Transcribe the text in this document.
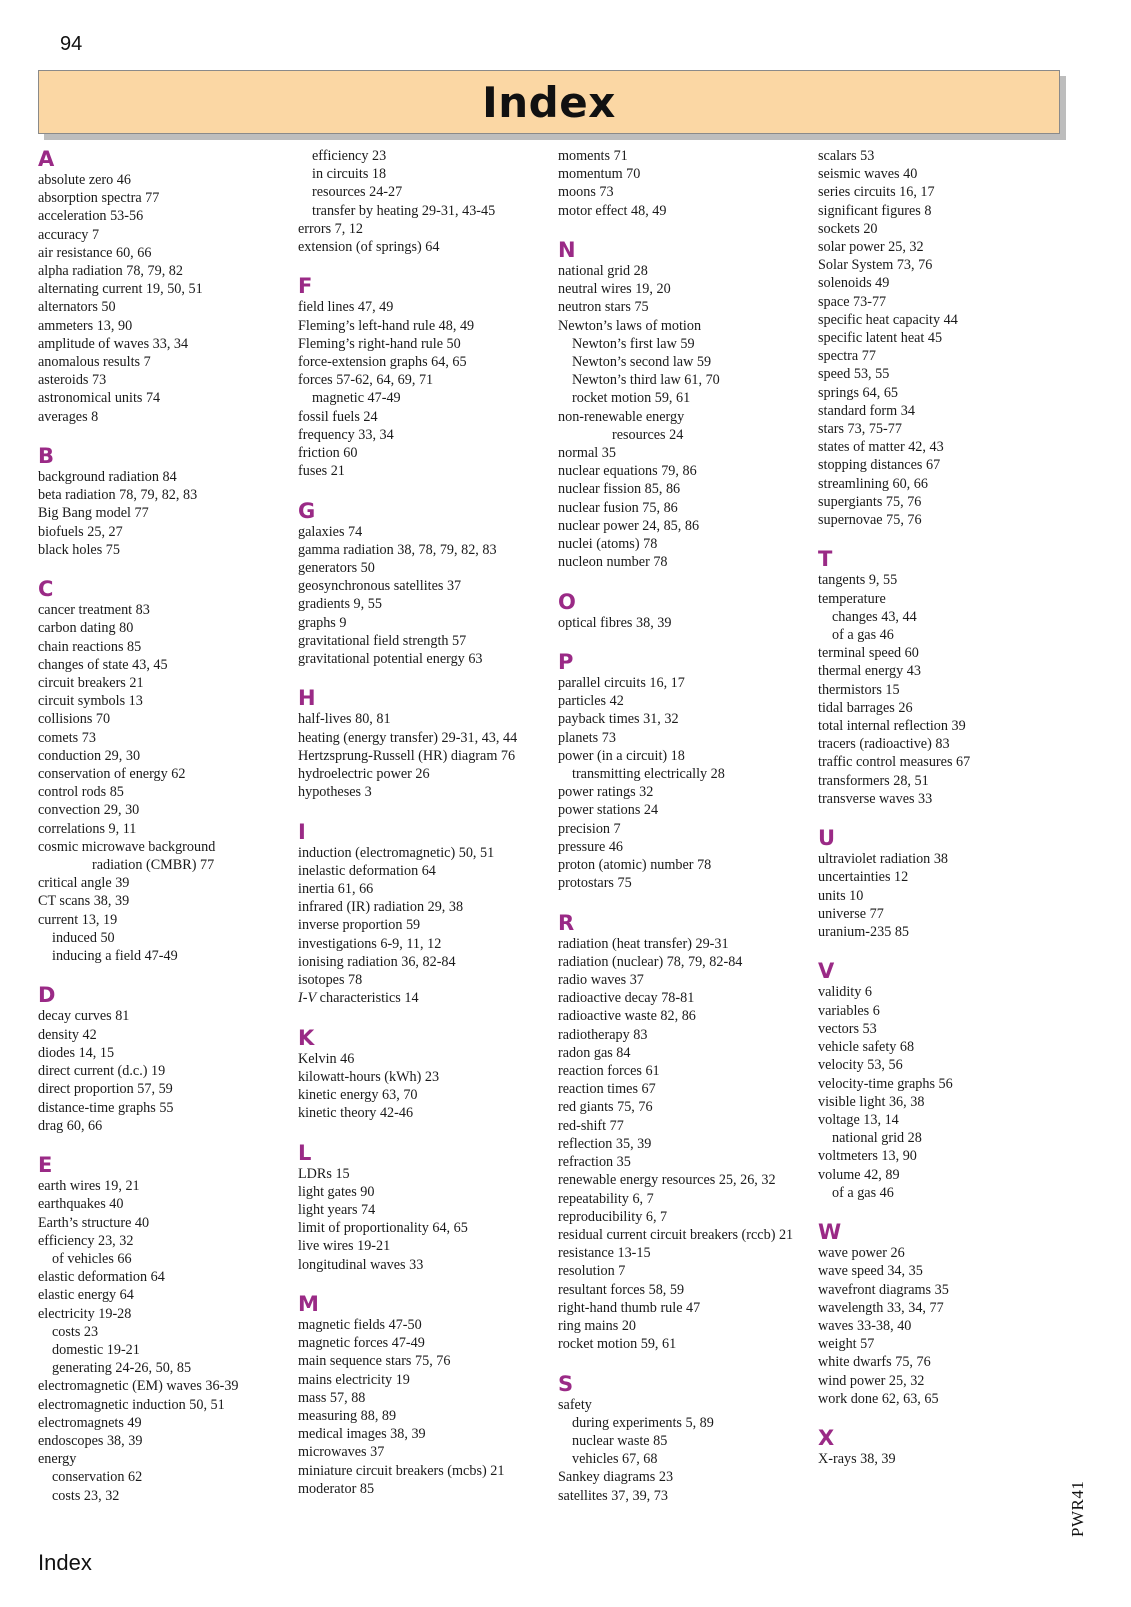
94
Index
A
absolute zero 46
absorption spectra 77
acceleration 53-56
accuracy 7
air resistance 60, 66
alpha radiation 78, 79, 82
alternating current 19, 50, 51
alternators 50
ammeters 13, 90
amplitude of waves 33, 34
anomalous results 7
asteroids 73
astronomical units 74
averages 8
B
background radiation 84
beta radiation 78, 79, 82, 83
Big Bang model 77
biofuels 25, 27
black holes 75
C
cancer treatment 83
carbon dating 80
chain reactions 85
changes of state 43, 45
circuit breakers 21
circuit symbols 13
collisions 70
comets 73
conduction 29, 30
conservation of energy 62
control rods 85
convection 29, 30
correlations 9, 11
cosmic microwave background
radiation (CMBR) 77
critical angle 39
CT scans 38, 39
current 13, 19
induced 50
inducing a field 47-49
D
decay curves 81
density 42
diodes 14, 15
direct current (d.c.) 19
direct proportion 57, 59
distance-time graphs 55
drag 60, 66
E
earth wires 19, 21
earthquakes 40
Earth’s structure 40
efficiency 23, 32
of vehicles 66
elastic deformation 64
elastic energy 64
electricity 19-28
costs 23
domestic 19-21
generating 24-26, 50, 85
electromagnetic (EM) waves 36-39
electromagnetic induction 50, 51
electromagnets 49
endoscopes 38, 39
energy
conservation 62
costs 23, 32
efficiency 23
in circuits 18
resources 24-27
transfer by heating 29-31, 43-45
errors 7, 12
extension (of springs) 64
F
field lines 47, 49
Fleming’s left-hand rule 48, 49
Fleming’s right-hand rule 50
force-extension graphs 64, 65
forces 57-62, 64, 69, 71
magnetic 47-49
fossil fuels 24
frequency 33, 34
friction 60
fuses 21
G
galaxies 74
gamma radiation 38, 78, 79, 82, 83
generators 50
geosynchronous satellites 37
gradients 9, 55
graphs 9
gravitational field strength 57
gravitational potential energy 63
H
half-lives 80, 81
heating (energy transfer) 29-31, 43, 44
Hertzsprung-Russell (HR) diagram 76
hydroelectric power 26
hypotheses 3
I
induction (electromagnetic) 50, 51
inelastic deformation 64
inertia 61, 66
infrared (IR) radiation 29, 38
inverse proportion 59
investigations 6-9, 11, 12
ionising radiation 36, 82-84
isotopes 78
I-V characteristics 14
K
Kelvin 46
kilowatt-hours (kWh) 23
kinetic energy 63, 70
kinetic theory 42-46
L
LDRs 15
light gates 90
light years 74
limit of proportionality 64, 65
live wires 19-21
longitudinal waves 33
M
magnetic fields 47-50
magnetic forces 47-49
main sequence stars 75, 76
mains electricity 19
mass 57, 88
measuring 88, 89
medical images 38, 39
microwaves 37
miniature circuit breakers (mcbs) 21
moderator 85
moments 71
momentum 70
moons 73
motor effect 48, 49
N
national grid 28
neutral wires 19, 20
neutron stars 75
Newton’s laws of motion
Newton’s first law 59
Newton’s second law 59
Newton’s third law 61, 70
rocket motion 59, 61
non-renewable energy
resources 24
normal 35
nuclear equations 79, 86
nuclear fission 85, 86
nuclear fusion 75, 86
nuclear power 24, 85, 86
nuclei (atoms) 78
nucleon number 78
O
optical fibres 38, 39
P
parallel circuits 16, 17
particles 42
payback times 31, 32
planets 73
power (in a circuit) 18
transmitting electrically 28
power ratings 32
power stations 24
precision 7
pressure 46
proton (atomic) number 78
protostars 75
R
radiation (heat transfer) 29-31
radiation (nuclear) 78, 79, 82-84
radio waves 37
radioactive decay 78-81
radioactive waste 82, 86
radiotherapy 83
radon gas 84
reaction forces 61
reaction times 67
red giants 75, 76
red-shift 77
reflection 35, 39
refraction 35
renewable energy resources 25, 26, 32
repeatability 6, 7
reproducibility 6, 7
residual current circuit breakers (rccb) 21
resistance 13-15
resolution 7
resultant forces 58, 59
right-hand thumb rule 47
ring mains 20
rocket motion 59, 61
S
safety
during experiments 5, 89
nuclear waste 85
vehicles 67, 68
Sankey diagrams 23
satellites 37, 39, 73
scalars 53
seismic waves 40
series circuits 16, 17
significant figures 8
sockets 20
solar power 25, 32
Solar System 73, 76
solenoids 49
space 73-77
specific heat capacity 44
specific latent heat 45
spectra 77
speed 53, 55
springs 64, 65
standard form 34
stars 73, 75-77
states of matter 42, 43
stopping distances 67
streamlining 60, 66
supergiants 75, 76
supernovae 75, 76
T
tangents 9, 55
temperature
changes 43, 44
of a gas 46
terminal speed 60
thermal energy 43
thermistors 15
tidal barrages 26
total internal reflection 39
tracers (radioactive) 83
traffic control measures 67
transformers 28, 51
transverse waves 33
U
ultraviolet radiation 38
uncertainties 12
units 10
universe 77
uranium-235 85
V
validity 6
variables 6
vectors 53
vehicle safety 68
velocity 53, 56
velocity-time graphs 56
visible light 36, 38
voltage 13, 14
national grid 28
voltmeters 13, 90
volume 42, 89
of a gas 46
W
wave power 26
wave speed 34, 35
wavefront diagrams 35
wavelength 33, 34, 77
waves 33-38, 40
weight 57
white dwarfs 75, 76
wind power 25, 32
work done 62, 63, 65
X
X-rays 38, 39
Index
PWR41
